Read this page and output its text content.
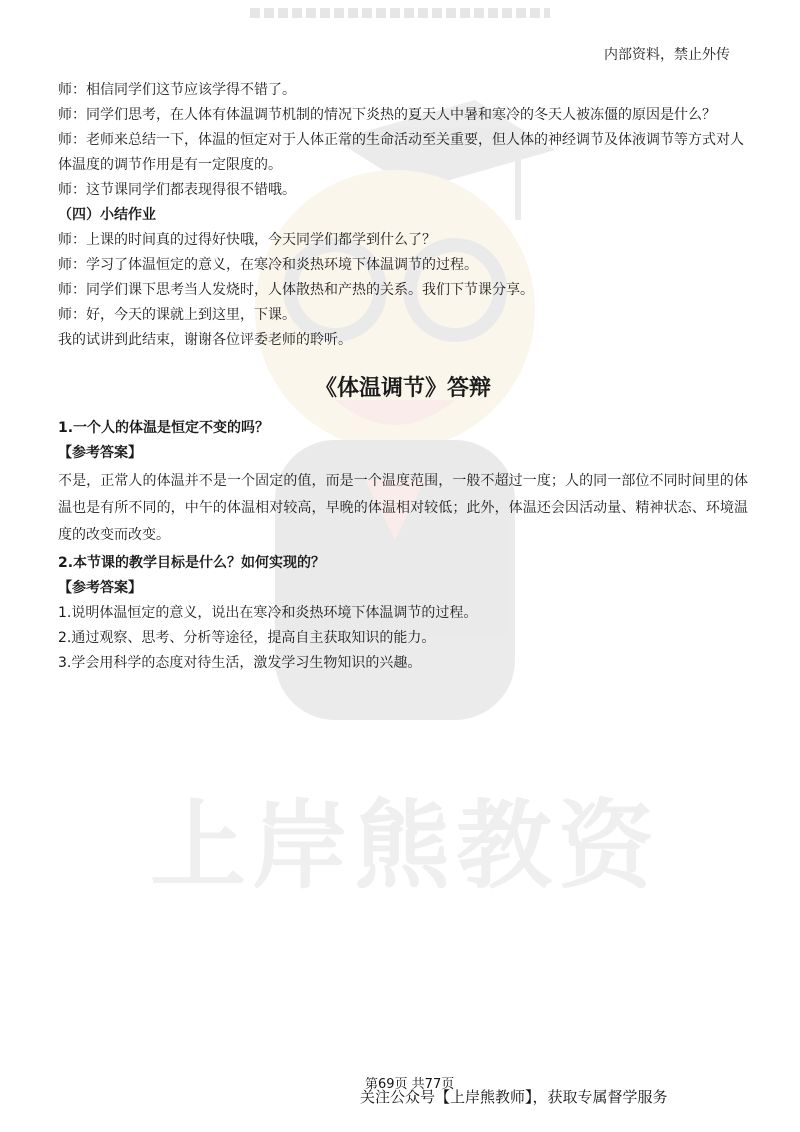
内部资料，禁止外传
上岸熊教资

师：相信同学们这节应该学得不错了。

师：同学们思考，在人体有体温调节机制的情况下炎热的夏天人中暑和寒冷的冬天人被冻僵的原因是什么？

师：老师来总结一下，体温的恒定对于人体正常的生命活动至关重要，但人体的神经调节及体液调节等方式对人

体温度的调节作用是有一定限度的。

师：这节课同学们都表现得很不错哦。

（四）小结作业

师：上课的时间真的过得好快哦，今天同学们都学到什么了？

师：学习了体温恒定的意义，在寒冷和炎热环境下体温调节的过程。

师：同学们课下思考当人发烧时，人体散热和产热的关系。我们下节课分享。

师：好，今天的课就上到这里，下课。

我的试讲到此结束，谢谢各位评委老师的聆听。

《体温调节》答辩

1.一个人的体温是恒定不变的吗？

【参考答案】

不是，正常人的体温并不是一个固定的值，而是一个温度范围，一般不超过一度；人的同一部位不同时间里的体温也是有所不同的，中午的体温相对较高，早晚的体温相对较低；此外，体温还会因活动量、精神状态、环境温度的改变而改变。

2.本节课的教学目标是什么？如何实现的？

【参考答案】

1.说明体温恒定的意义，说出在寒冷和炎热环境下体温调节的过程。

2.通过观察、思考、分析等途径，提高自主获取知识的能力。

3.学会用科学的态度对待生活，激发学习生物知识的兴趣。

第69页 共77页
关注公众号【上岸熊教师】，获取专属督学服务
